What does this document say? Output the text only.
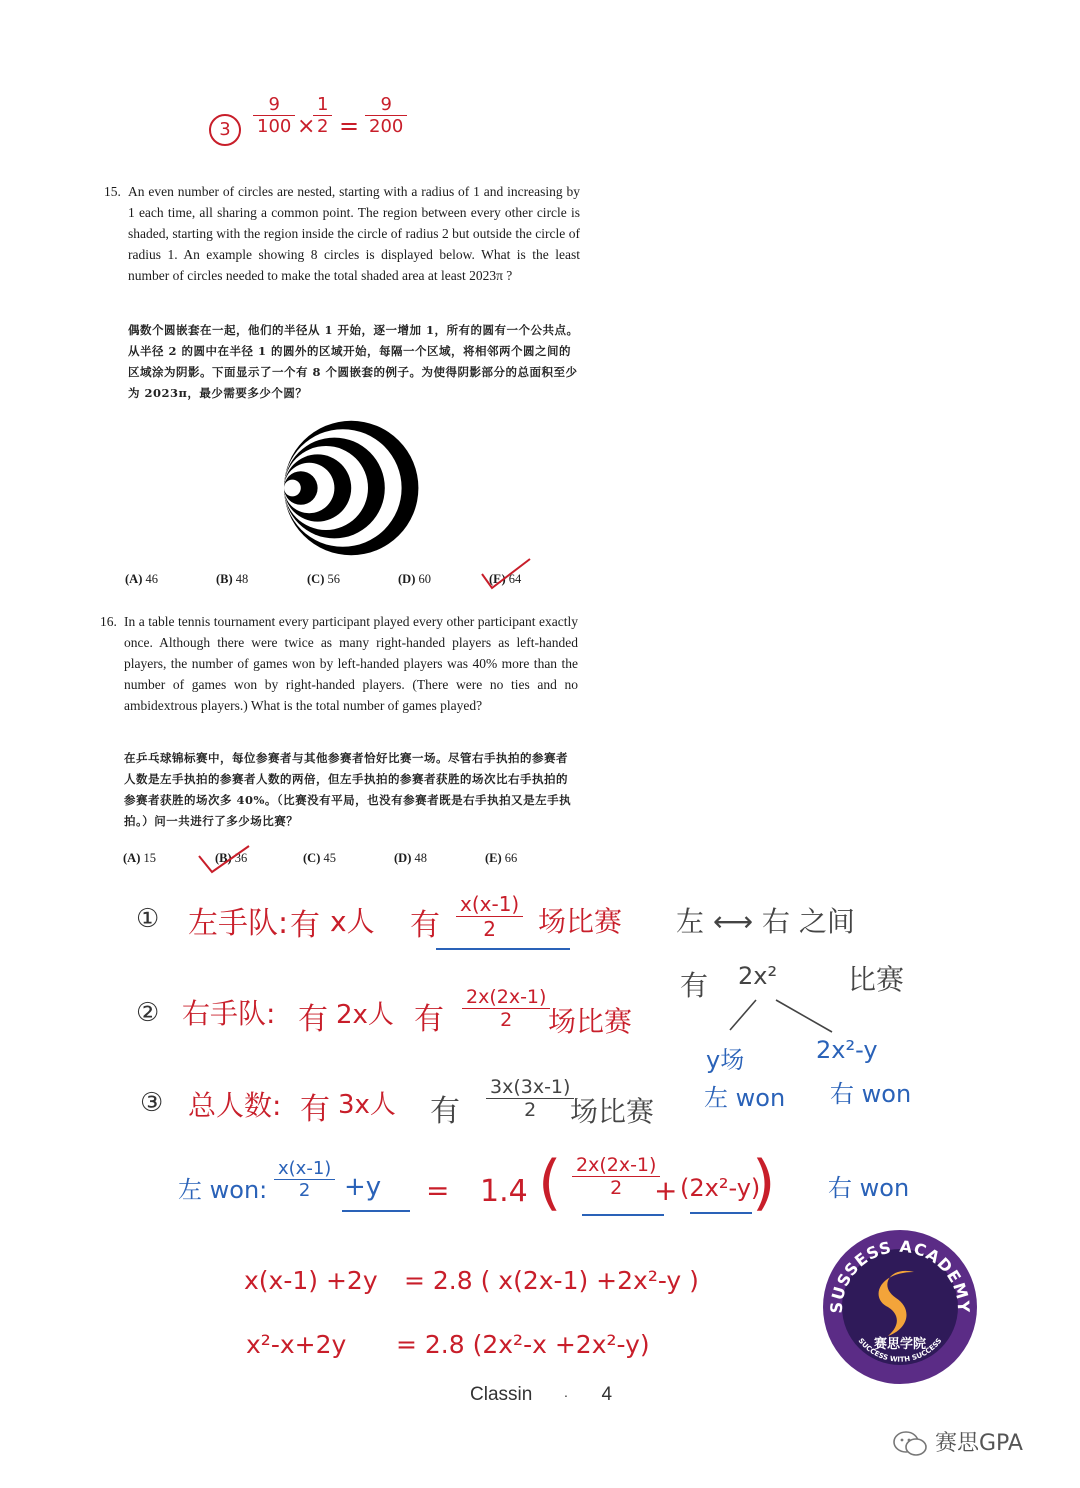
3	$\frac{9}{100}$ ×
$\frac{1}{2} = \frac{9}{200}$
15. An even number of circles are nested, starting with a radius of 1 and increasing by 1 each time, all sharing a common point. The region between every other circle is shaded, starting with the region inside the circle of radius 2 but outside the circle of radius 1. An example showing 8 circles is displayed below. What is the least number of circles needed to make the total shaded area at least 2023π ?
偶数个圆嵌套在一起，他们的半径从 1 开始，逐一增加 1，所有的圆有一个公共点。从半径 2 的圆中在半径 1 的圆外的区域开始，每隔一个区域，将相邻两个圆之间的区域涂为阴影。下面显示了一个有 8 个圆嵌套的例子。为使得阴影部分的总面积至少为 2023π，最少需要多少个圆？
(A) 46	(B) 48	(C) 56	(D) 60	(E) 64
16. In a table tennis tournament every participant played every other participant exactly once. Although there were twice as many right-handed players as left-handed players, the number of games won by left-handed players was 40% more than the number of games won by right-handed players. (There were no ties and no ambidextrous players.) What is the total number of games played?
在乒乓球锦标赛中，每位参赛者与其他参赛者恰好比赛一场。尽管右手执拍的参赛者人数是左手执拍的参赛者人数的两倍，但左手执拍的参赛者获胜的场次比右手执拍的参赛者获胜的场次多 40%。（比赛没有平局，也没有参赛者既是右手执拍又是左手执拍。）问一共进行了多少场比赛？
(A) 15	(B) 36	(C) 45	(D) 48	(E) 66
① 左手队: 有 x人 有 $\frac{x(x-1)}{2}$ 场比赛 左 ⟷ 右 之间
有 2x²	比赛
② 右手队: 有 2x人 有 $\frac{2x(2x-1)}{2}$
场比赛
y场	2x²-y
左 won 右 won
③ 总人数: 有 3x人 有 $\frac{3x(3x-1)}{2}$
场比赛
左 won: $\frac{x(x-1)}{2} +y = 1.4$ ( $\frac{2x(2x-1)}{2}$
+ (2x²-y)
) 右 won
x(x-1) +2y = 2.8 ( x(2x-1) +2x²-y )
x²-x+2y = 2.8 (2x²-x +2x²-y)
SUSSESS ACADEMY
赛思学院
SUCCESS WITH SUCCESS
Classin · 4
赛思GPA
